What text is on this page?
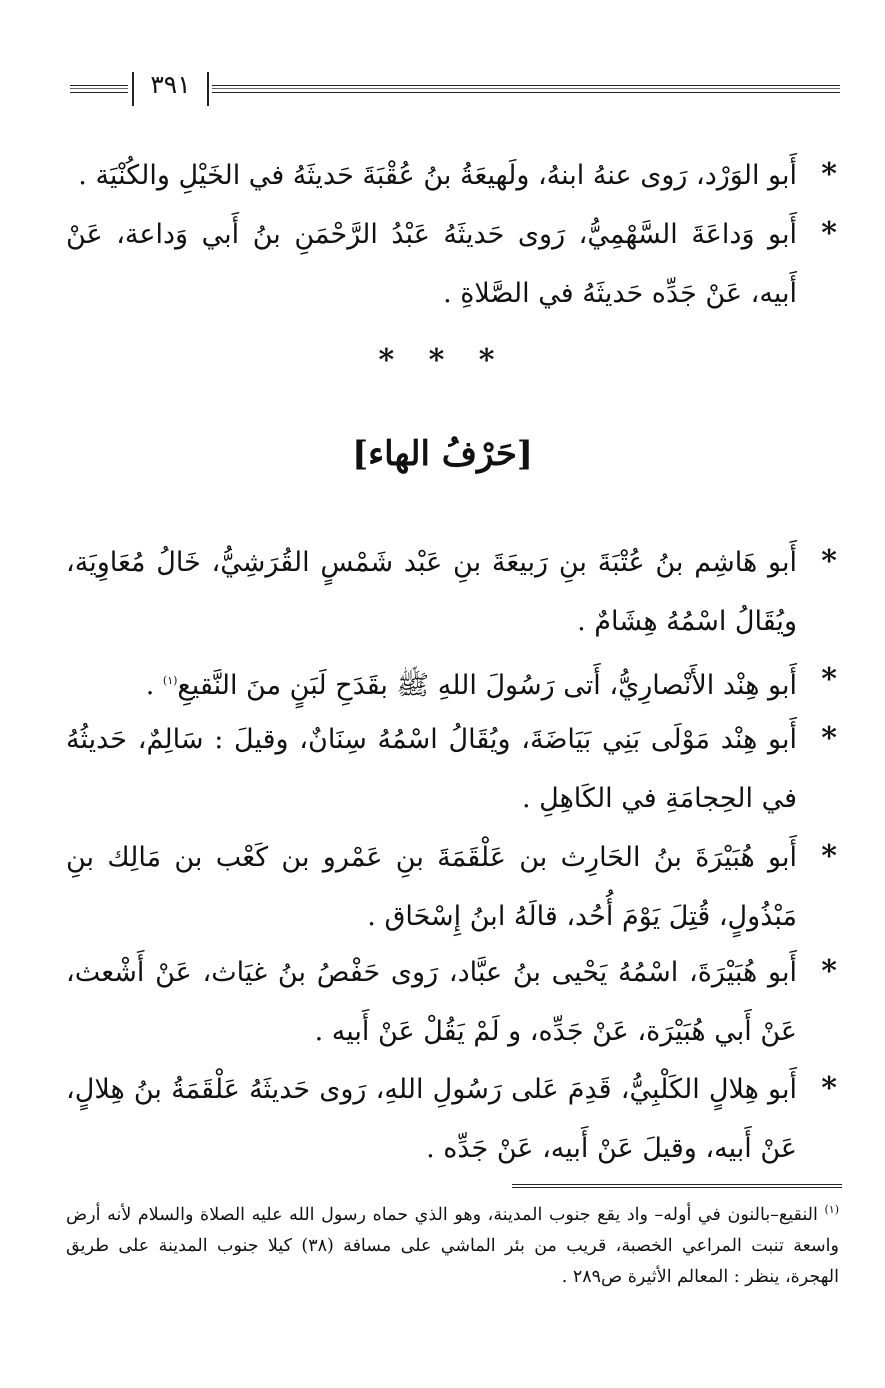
٣٩١
*
أَبو الوَرْد، رَوى عنهُ ابنهُ، ولَهيعَةُ بنُ عُقْبَةَ حَديثَهُ في الخَيْلِ والكُنْيَة .
*
أَبو وَداعَةَ السَّهْمِيُّ، رَوى حَديثَهُ عَبْدُ الرَّحْمَنِ بنُ أَبي وَداعة، عَنْ أَبيه، عَنْ جَدِّه حَديثَهُ في الصَّلاةِ .
*
أَبو هَاشِم بنُ عُتْبَةَ بنِ رَبيعَةَ بنِ عَبْد شَمْسٍ القُرَشِيُّ، خَالُ مُعَاوِيَة، ويُقَالُ اسْمُهُ هِشَامٌ .
*
أَبو هِنْد الأَنْصارِيُّ، أَتى رَسُولَ اللهِ ﷺ بقَدَحِ لَبَنٍ منَ النَّقيعِ$^{(١)}$ .
*
أَبو هِنْد مَوْلَى بَنِي بَيَاضَةَ، ويُقَالُ اسْمُهُ سِنَانٌ، وقيلَ : سَالِمٌ، حَديثُهُ في الحِجامَةِ في الكَاهِلِ .
*
أَبو هُبَيْرَةَ بنُ الحَارِث بن عَلْقَمَةَ بنِ عَمْرو بن كَعْب بن مَالِك بنِ مَبْذُولٍ، قُتِلَ يَوْمَ أُحُد، قالَهُ ابنُ إِسْحَاق .
*
أَبو هُبَيْرَةَ، اسْمُهُ يَحْيى بنُ عبَّاد، رَوى حَفْصُ بنُ غيَاث، عَنْ أَشْعث، عَنْ أَبي هُبَيْرَة، عَنْ جَدِّه، و لَمْ يَقُلْ عَنْ أَبيه .
*
أَبو هِلالٍ الكَلْبِيُّ، قَدِمَ عَلى رَسُولِ اللهِ، رَوى حَديثَهُ عَلْقَمَةُ بنُ هِلالٍ، عَنْ أَبيه، وقيلَ عَنْ أَبيه، عَنْ جَدِّه .
* * *
[حَرْفُ الهاء]
$^{(١)}$ النقيع–بالنون في أوله– واد يقع جنوب المدينة، وهو الذي حماه رسول الله عليه الصلاة والسلام لأنه أرض واسعة تنبت المراعي الخصبة، قريب من بئر الماشي على مسافة (٣٨) كيلا جنوب المدينة على طريق الهجرة، ينظر : المعالم الأثيرة ص٢٨٩ .
